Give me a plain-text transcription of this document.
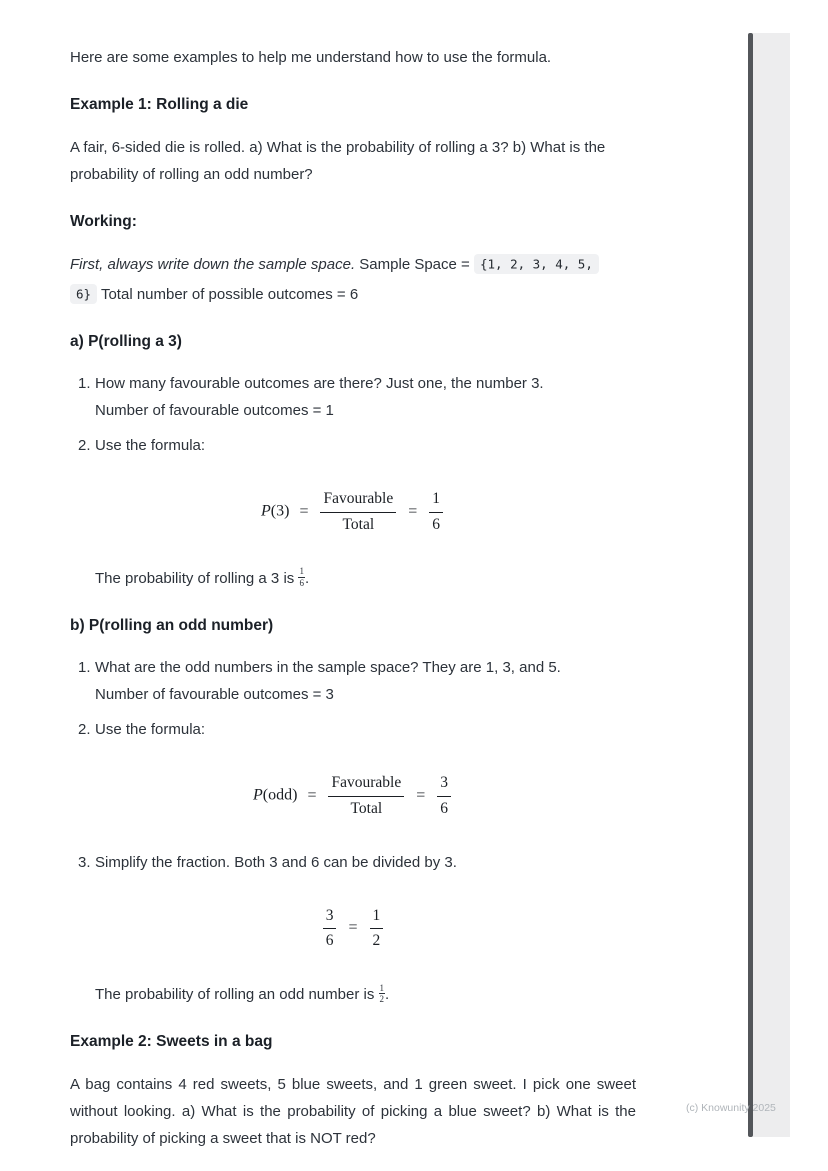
Here are some examples to help me understand how to use the formula.

Example 1: Rolling a die

A fair, 6-sided die is rolled. a) What is the probability of rolling a 3? b) What is the probability of rolling an odd number?

Working:

First, always write down the sample space. Sample Space = {1, 2, 3, 4, 5,

6} Total number of possible outcomes = 6

a) P(rolling a 3)
1. How many favourable outcomes are there? Just one, the number 3.
Number of favourable outcomes = 1
2. Use the formula:
$P(3) = \frac{\text{Favourable}}{\text{Total}} = \frac{1}{6}$

The probability of rolling a 3 is $\frac{1}{6}$ .

b) P(rolling an odd number)
1. What are the odd numbers in the sample space? They are 1, 3, and 5.
Number of favourable outcomes = 3
2. Use the formula:
$P(odd) = \frac{\text{Favourable}}{\text{Total}} = \frac{3}{6}$
3. Simplify the fraction. Both 3 and 6 can be divided by 3.
$\frac{3}{6} = \frac{1}{2}$

The probability of rolling an odd number is $\frac{1}{2}$ .

Example 2: Sweets in a bag

A bag contains 4 red sweets, 5 blue sweets, and 1 green sweet. I pick one sweet without looking. a) What is the probability of picking a blue sweet? b) What is the probability of picking a sweet that is NOT red?

(c) Knowunity 2025
